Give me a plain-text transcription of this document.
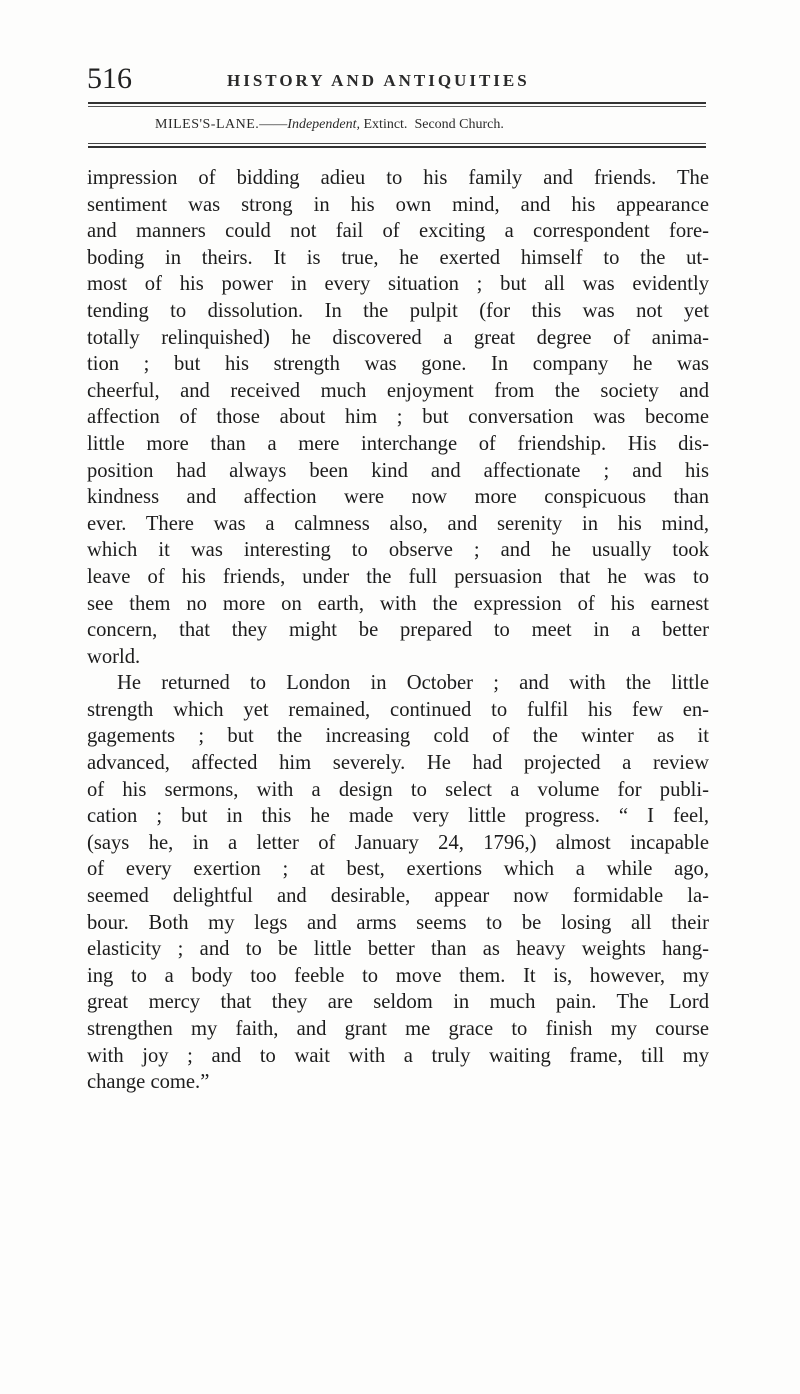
516	HISTORY AND ANTIQUITIES
MILES'S-LANE.——Independent, Extinct. Second Church.

impression of bidding adieu to his family and friends. The
sentiment was strong in his own mind, and his appearance
and manners could not fail of exciting a correspondent fore-
boding in theirs. It is true, he exerted himself to the ut-
most of his power in every situation ; but all was evidently
tending to dissolution. In the pulpit (for this was not yet
totally relinquished) he discovered a great degree of anima-
tion ; but his strength was gone. In company he was
cheerful, and received much enjoyment from the society and
affection of those about him ; but conversation was become
little more than a mere interchange of friendship. His dis-
position had always been kind and affectionate ; and his
kindness and affection were now more conspicuous than
ever. There was a calmness also, and serenity in his mind,
which it was interesting to observe ; and he usually took
leave of his friends, under the full persuasion that he was to
see them no more on earth, with the expression of his earnest
concern, that they might be prepared to meet in a better
world.

He returned to London in October ; and with the little
strength which yet remained, continued to fulfil his few en-
gagements ; but the increasing cold of the winter as it
advanced, affected him severely. He had projected a review
of his sermons, with a design to select a volume for publi-
cation ; but in this he made very little progress. “ I feel,
(says he, in a letter of January 24, 1796,) almost incapable
of every exertion ; at best, exertions which a while ago,
seemed delightful and desirable, appear now formidable la-
bour. Both my legs and arms seems to be losing all their
elasticity ; and to be little better than as heavy weights hang-
ing to a body too feeble to move them. It is, however, my
great mercy that they are seldom in much pain. The Lord
strengthen my faith, and grant me grace to finish my course
with joy ; and to wait with a truly waiting frame, till my
change come.”
